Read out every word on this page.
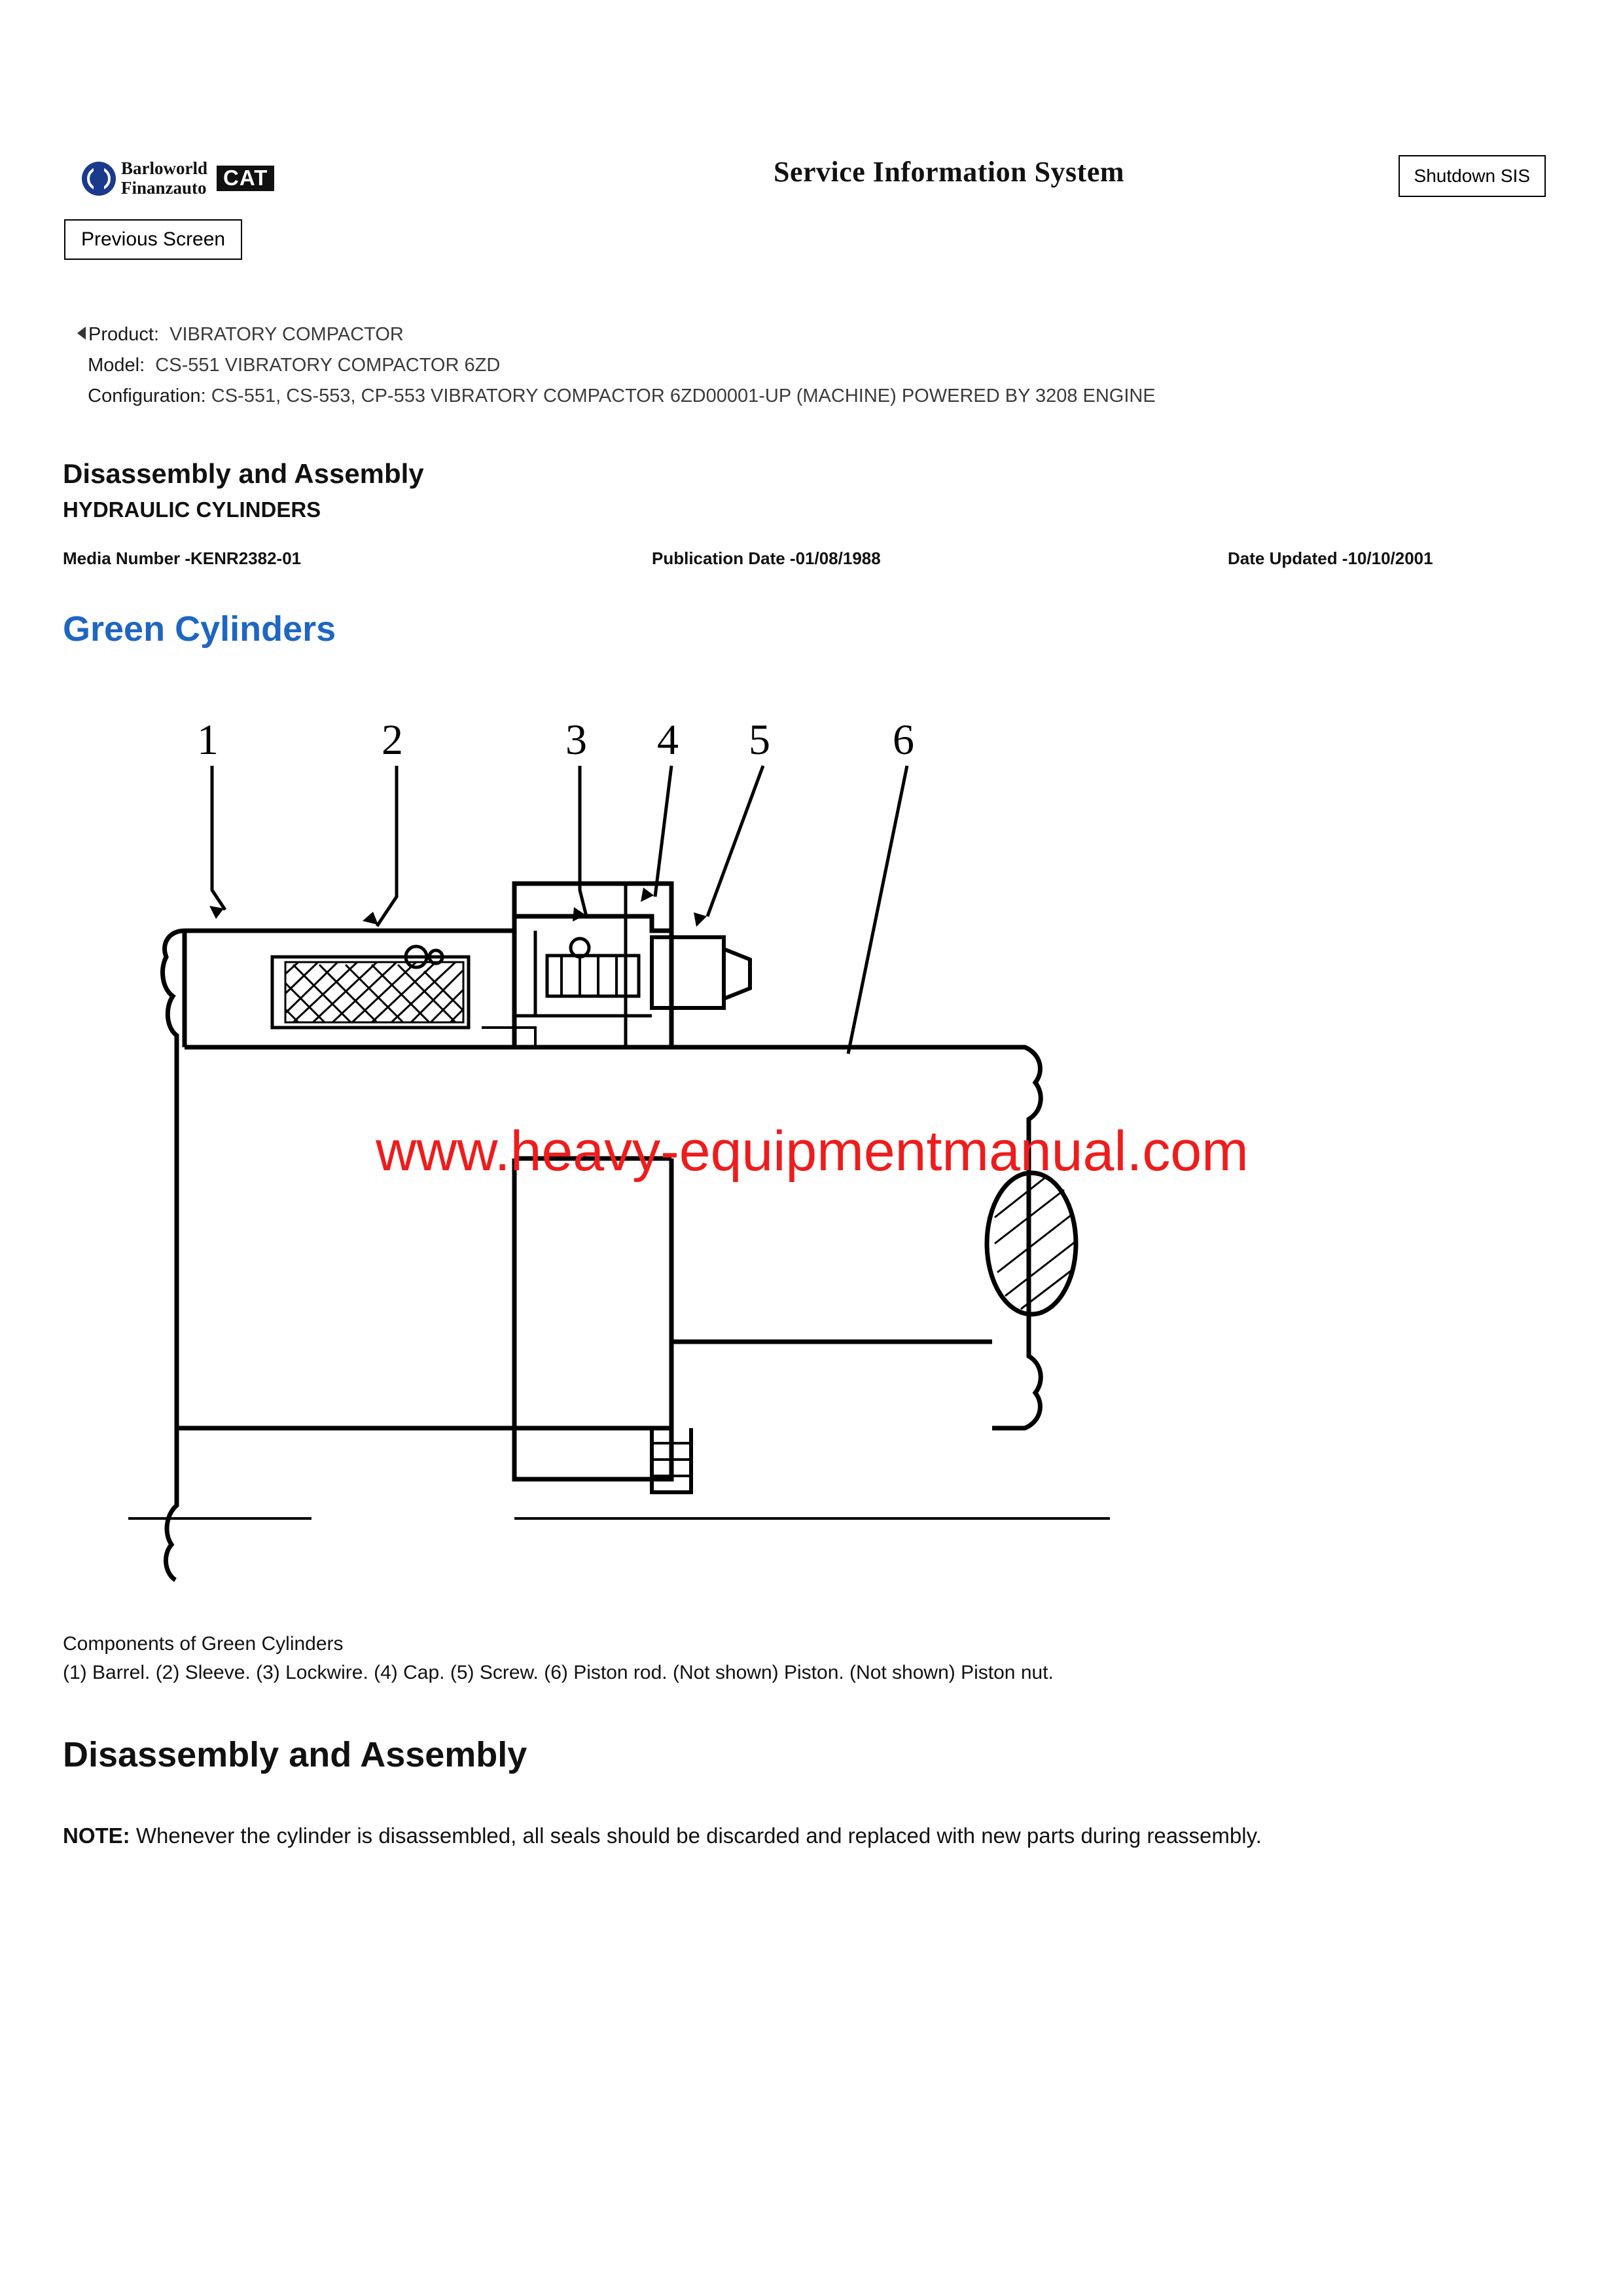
Barloworld
Finanzauto CAT	Service Information System	Shutdown SIS
Previous Screen
Product: VIBRATORY COMPACTOR
Model: CS-551 VIBRATORY COMPACTOR 6ZD
Configuration: CS-551, CS-553, CP-553 VIBRATORY COMPACTOR 6ZD00001-UP (MACHINE) POWERED BY 3208 ENGINE
Disassembly and Assembly
HYDRAULIC CYLINDERS
Media Number -KENR2382-01	Publication Date -01/08/1988	Date Updated -10/10/2001
Green Cylinders
1	2	3 4 5	6
www.heavy-equipmentmanual.com
Components of Green Cylinders
(1) Barrel. (2) Sleeve. (3) Lockwire. (4) Cap. (5) Screw. (6) Piston rod. (Not shown) Piston. (Not shown) Piston nut.
Disassembly and Assembly
NOTE: Whenever the cylinder is disassembled, all seals should be discarded and replaced with new parts during reassembly.
